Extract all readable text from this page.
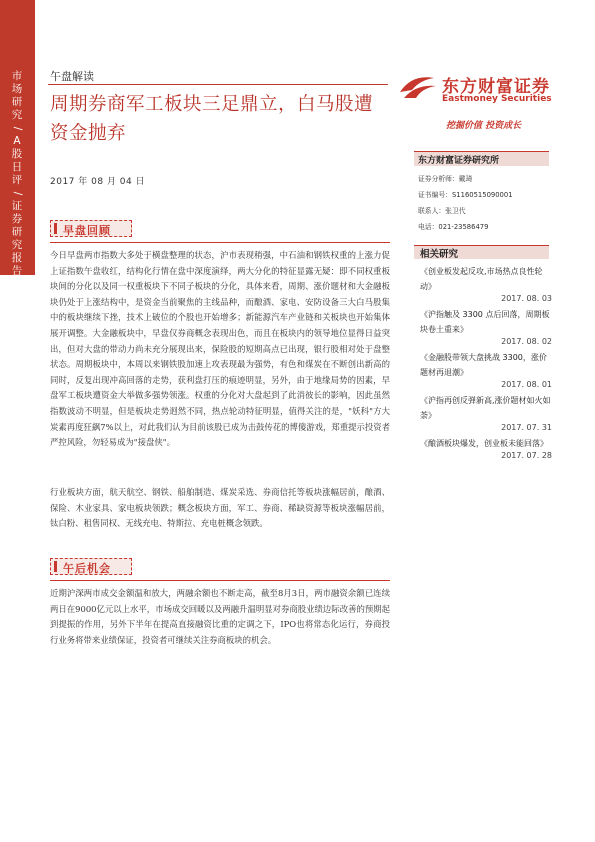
市场研究
/
A股日评
/
证券研究报告
午盘解读
周期券商军工板块三足鼎立，白马股遭资金抛弃
2017 年 08 月 04 日
东方财富证券
Eastmoney Securities
挖掘价值 投资成长
东方财富证券研究所
证券分析师：戴琦
证书编号：S1160515090001
联系人：张卫代
电话：021-23586479
相关研究
《创业板发起反攻,市场热点良性轮动》
2017. 08. 03
《沪指触及 3300 点后回落，周期板块卷土重来》
2017. 08. 02
《金融股带领大盘挑战 3300，涨价题材再退潮》
2017. 08. 01
《沪指再创反弹新高,涨价题材如火如荼》
2017. 07. 31
《酿酒板块爆发，创业板未能回落》
2017. 07. 28
早盘回顾
今日早盘两市指数大多处于横盘整理的状态，沪市表现稍强，中石油和钢铁权重的上涨力促上证指数午盘收红，结构化行情在盘中深度演绎，两大分化的特征显露无疑：即不同权重板块间的分化以及同一权重板块下不同子板块的分化，具体来看，周期、涨价题材和大金融板块仍处于上涨结构中，是资金当前聚焦的主线品种，而酿酒、家电、安防设备三大白马股集中的板块继续下挫，技术上破位的个股也开始增多；新能源汽车产业链和关板块也开始集体展开调整。大金融板块中，早盘仅券商概念表现出色，而且在板块内的领导地位显得日益突出，但对大盘的带动力尚未充分展现出来，保险股的短期高点已出现，银行股相对处于盘整状态。周期板块中，本周以来钢铁股加速上攻表现最为强势，有色和煤炭在不断创出新高的同时，反复出现冲高回落的走势，获利盘打压的痕迹明显，另外，由于地缘局势的因素，早盘军工板块遭资金大举做多强势领涨。权重的分化对大盘起到了此消彼长的影响，因此虽然指数波动不明显，但是板块走势迥然不同，热点轮动特征明显，值得关注的是，"妖科"方大炭素再度狂飙7%以上，对此我们认为目前该股已成为击鼓传花的博傻游戏，郑重提示投资者严控风险，勿轻易成为"接盘侠"。
行业板块方面，航天航空、钢铁、船舶制造、煤炭采选、券商信托等板块涨幅居前，酿酒、保险、木业家具、家电板块领跌；概念板块方面，军工、券商、稀缺资源等板块涨幅居前，钛白粉、租售同权、无线充电、特斯拉、充电桩概念领跌。
午后机会
近期沪深两市成交金额温和放大，两融余额也不断走高，截至8月3日，两市融资余额已连续两日在9000亿元以上水平，市场成交回暖以及两融升温明显对券商股业绩边际改善的预期起到提振的作用，另外下半年在提高直接融资比重的定调之下，IPO也将常态化运行，券商投行业务将带来业绩保证，投资者可继续关注券商板块的机会。
